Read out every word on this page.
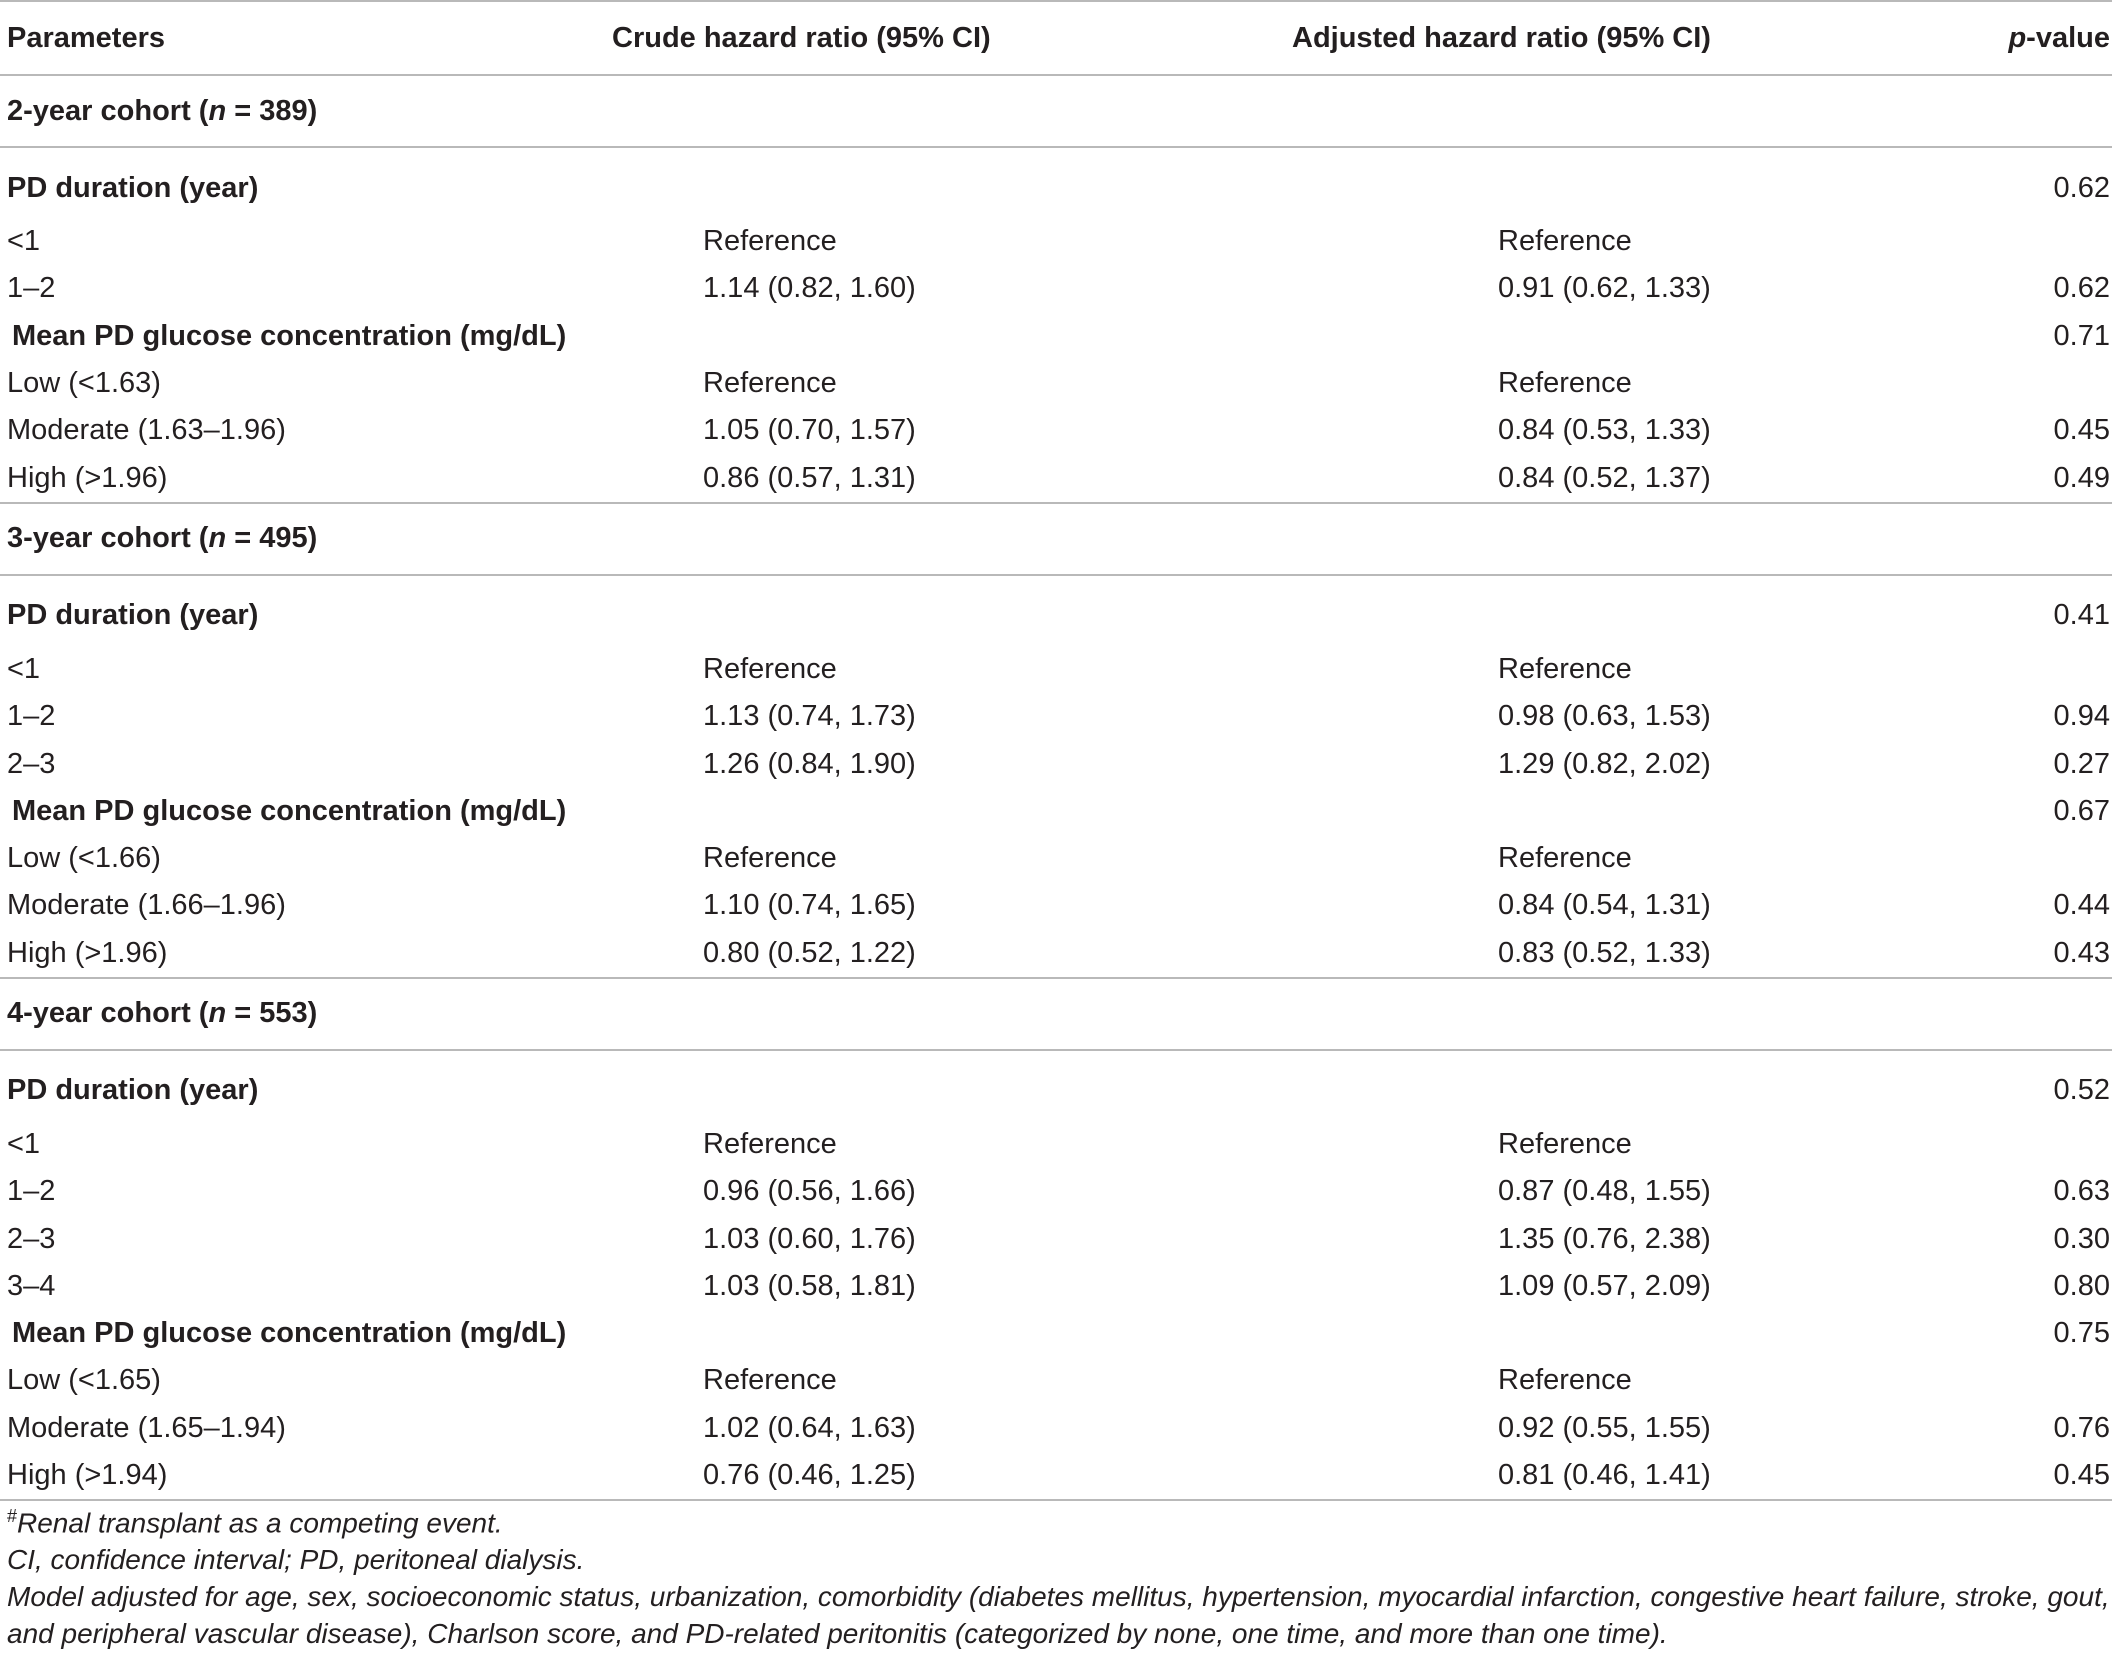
Parameters	Crude hazard ratio (95% CI)	Adjusted hazard ratio (95% CI)	p-value
2-year cohort (n = 389)			
PD duration (year)			0.62
<1	Reference	Reference	
1–2	1.14 (0.82, 1.60)	0.91 (0.62, 1.33)	0.62
Mean PD glucose concentration (mg/dL)			0.71
Low (<1.63)	Reference	Reference	
Moderate (1.63–1.96)	1.05 (0.70, 1.57)	0.84 (0.53, 1.33)	0.45
High (>1.96)	0.86 (0.57, 1.31)	0.84 (0.52, 1.37)	0.49
3-year cohort (n = 495)			
PD duration (year)			0.41
<1	Reference	Reference	
1–2	1.13 (0.74, 1.73)	0.98 (0.63, 1.53)	0.94
2–3	1.26 (0.84, 1.90)	1.29 (0.82, 2.02)	0.27
Mean PD glucose concentration (mg/dL)			0.67
Low (<1.66)	Reference	Reference	
Moderate (1.66–1.96)	1.10 (0.74, 1.65)	0.84 (0.54, 1.31)	0.44
High (>1.96)	0.80 (0.52, 1.22)	0.83 (0.52, 1.33)	0.43
4-year cohort (n = 553)			
PD duration (year)			0.52
<1	Reference	Reference	
1–2	0.96 (0.56, 1.66)	0.87 (0.48, 1.55)	0.63
2–3	1.03 (0.60, 1.76)	1.35 (0.76, 2.38)	0.30
3–4	1.03 (0.58, 1.81)	1.09 (0.57, 2.09)	0.80
Mean PD glucose concentration (mg/dL)			0.75
Low (<1.65)	Reference	Reference	
Moderate (1.65–1.94)	1.02 (0.64, 1.63)	0.92 (0.55, 1.55)	0.76
High (>1.94)	0.76 (0.46, 1.25)	0.81 (0.46, 1.41)	0.45
#Renal transplant as a competing event.
CI, confidence interval; PD, peritoneal dialysis.
Model adjusted for age, sex, socioeconomic status, urbanization, comorbidity (diabetes mellitus, hypertension, myocardial infarction, congestive heart failure, stroke, gout, and peripheral vascular disease), Charlson score, and PD-related peritonitis (categorized by none, one time, and more than one time).
